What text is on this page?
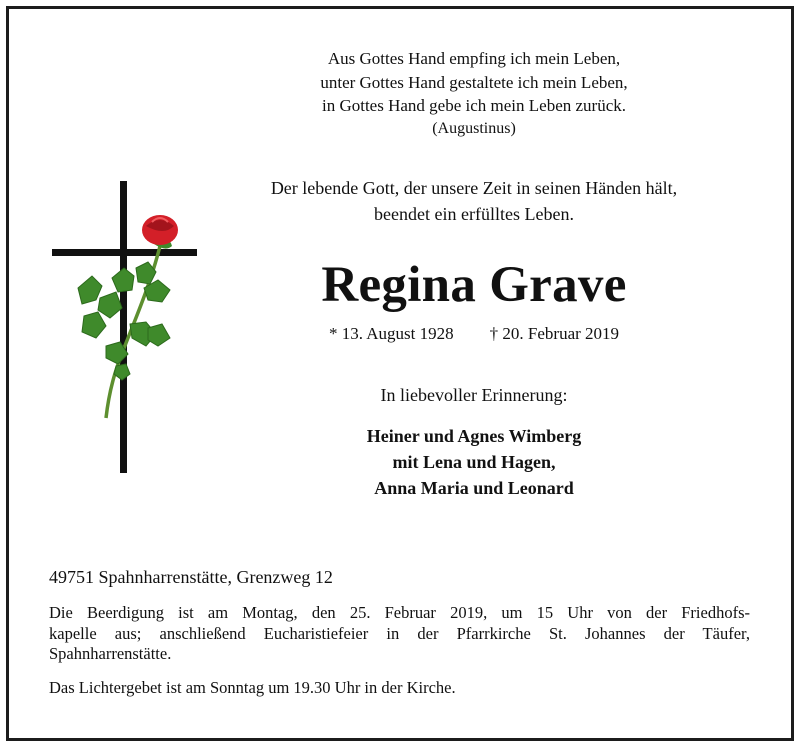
Aus Gottes Hand empfing ich mein Leben,
unter Gottes Hand gestaltete ich mein Leben,
in Gottes Hand gebe ich mein Leben zurück.
(Augustinus)
Der lebende Gott, der unsere Zeit in seinen Händen hält,
beendet ein erfülltes Leben.
Regina Grave
* 13. August 1928 † 20. Februar 2019
In liebevoller Erinnerung:
Heiner und Agnes Wimberg
mit Lena und Hagen,
Anna Maria und Leonard
49751 Spahnharrenstätte, Grenzweg 12
Die Beerdigung ist am Montag, den 25. Februar 2019, um 15 Uhr von der Friedhofs-
kapelle aus; anschließend Eucharistiefeier in der Pfarrkirche St. Johannes der Täufer,
Spahnharrenstätte.
Das Lichtergebet ist am Sonntag um 19.30 Uhr in der Kirche.
